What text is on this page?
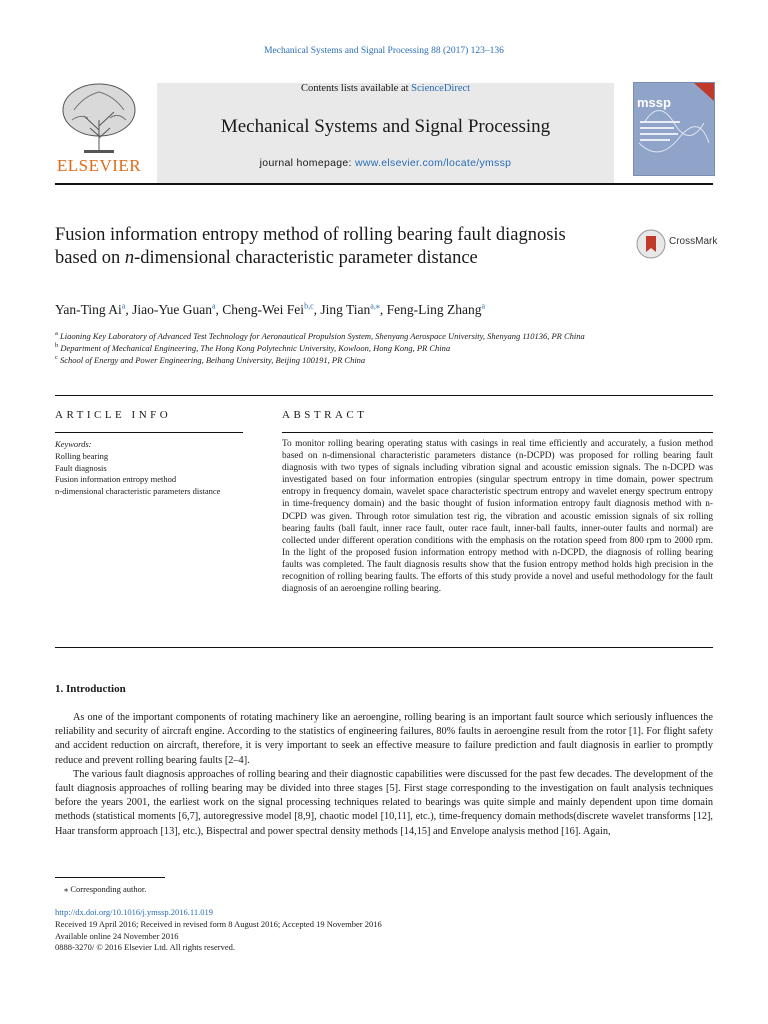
Mechanical Systems and Signal Processing 88 (2017) 123–136
ELSEVIER
Contents lists available at ScienceDirect
Mechanical Systems and Signal Processing
journal homepage: www.elsevier.com/locate/ymssp
mssp
Fusion information entropy method of rolling bearing fault diagnosis based on n-dimensional characteristic parameter distance
CrossMark
Yan-Ting Ai$^a$, Jiao-Yue Guan$^a$, Cheng-Wei Fei$^{b,c}$, Jing Tian$^{a,⁎}$, Feng-Ling Zhang$^a$
$^a$ Liaoning Key Laboratory of Advanced Test Technology for Aeronautical Propulsion System, Shenyang Aerospace University, Shenyang 110136, PR China
$^b$ Department of Mechanical Engineering, The Hong Kong Polytechnic University, Kowloon, Hong Kong, PR China
$^c$ School of Energy and Power Engineering, Beihang University, Beijing 100191, PR China
ARTICLE INFO
Keywords:
Rolling bearing
Fault diagnosis
Fusion information entropy method
n-dimensional characteristic parameters distance
ABSTRACT
To monitor rolling bearing operating status with casings in real time efficiently and accurately, a fusion method based on n-dimensional characteristic parameters distance (n-DCPD) was proposed for rolling bearing fault diagnosis with two types of signals including vibration signal and acoustic emission signals. The n-DCPD was investigated based on four information entropies (singular spectrum entropy in time domain, power spectrum entropy in frequency domain, wavelet space characteristic spectrum entropy and wavelet energy spectrum entropy in time-frequency domain) and the basic thought of fusion information entropy fault diagnosis method with n-DCPD was given. Through rotor simulation test rig, the vibration and acoustic emission signals of six rolling bearing faults (ball fault, inner race fault, outer race fault, inner-ball faults, inner-outer faults and normal) are collected under different operation conditions with the emphasis on the rotation speed from 800 rpm to 2000 rpm. In the light of the proposed fusion information entropy method with n-DCPD, the diagnosis of rolling bearing faults was completed. The fault diagnosis results show that the fusion entropy method holds high precision in the recognition of rolling bearing faults. The efforts of this study provide a novel and useful methodology for the fault diagnosis of an aeroengine rolling bearing.
1. Introduction

As one of the important components of rotating machinery like an aeroengine, rolling bearing is an important fault source which seriously influences the reliability and security of aircraft engine. According to the statistics of engineering failures, 80% faults in aeroengine result from the rotor [1]. For flight safety and accident reduction on aircraft, therefore, it is very important to seek an effective measure to failure prediction and fault diagnosis in earlier to promptly reduce and prevent rolling bearing faults [2–4].

The various fault diagnosis approaches of rolling bearing and their diagnostic capabilities were discussed for the past few decades. The development of the fault diagnosis approaches of rolling bearing may be divided into three stages [5]. First stage corresponding to the investigation on fault analysis techniques before the years 2001, the earliest work on the signal processing techniques related to bearings was quite simple and mainly dependent upon time domain methods (statistical moments [6,7], autoregressive model [8,9], chaotic model [10,11], etc.), time-frequency domain methods(discrete wavelet transforms [12], Haar transform approach [13], etc.), Bispectral and power spectral density methods [14,15] and Envelope analysis method [16]. Again,

⁎ Corresponding author.
http://dx.doi.org/10.1016/j.ymssp.2016.11.019
Received 19 April 2016; Received in revised form 8 August 2016; Accepted 19 November 2016
Available online 24 November 2016
0888-3270/ © 2016 Elsevier Ltd. All rights reserved.
